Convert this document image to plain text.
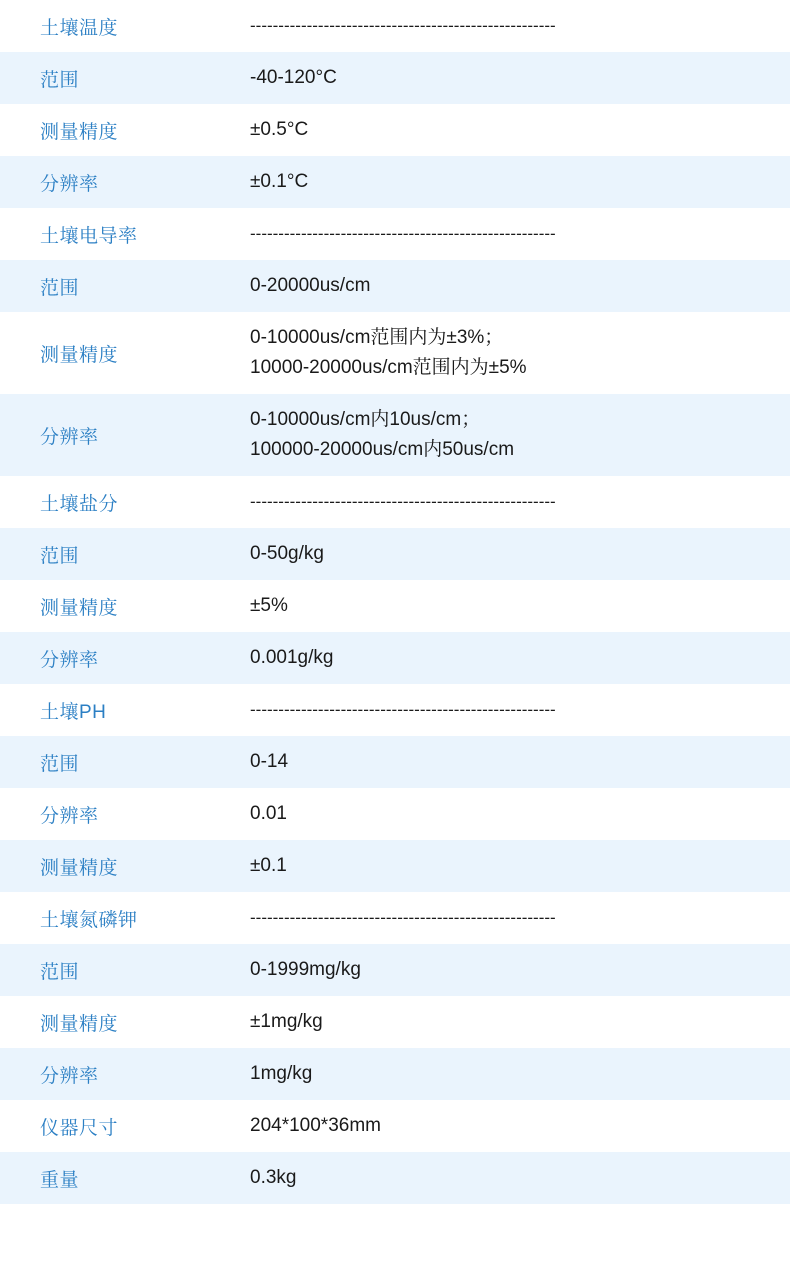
土壤温度	------------------------------------------------------

范围	-40-120°C

测量精度	±0.5°C

分辨率	±0.1°C

土壤电导率	------------------------------------------------------

范围	0-20000us/cm

测量精度	0-10000us/cm范围内为±3%；
10000-20000us/cm范围内为±5%

分辨率	0-10000us/cm内10us/cm；
100000-20000us/cm内50us/cm

土壤盐分	------------------------------------------------------

范围	0-50g/kg

测量精度	±5%

分辨率	0.001g/kg

土壤PH	------------------------------------------------------

范围	0-14

分辨率	0.01

测量精度	±0.1

土壤氮磷钾	------------------------------------------------------

范围	0-1999mg/kg

测量精度	±1mg/kg

分辨率	1mg/kg

仪器尺寸	204*100*36mm

重量	0.3kg
